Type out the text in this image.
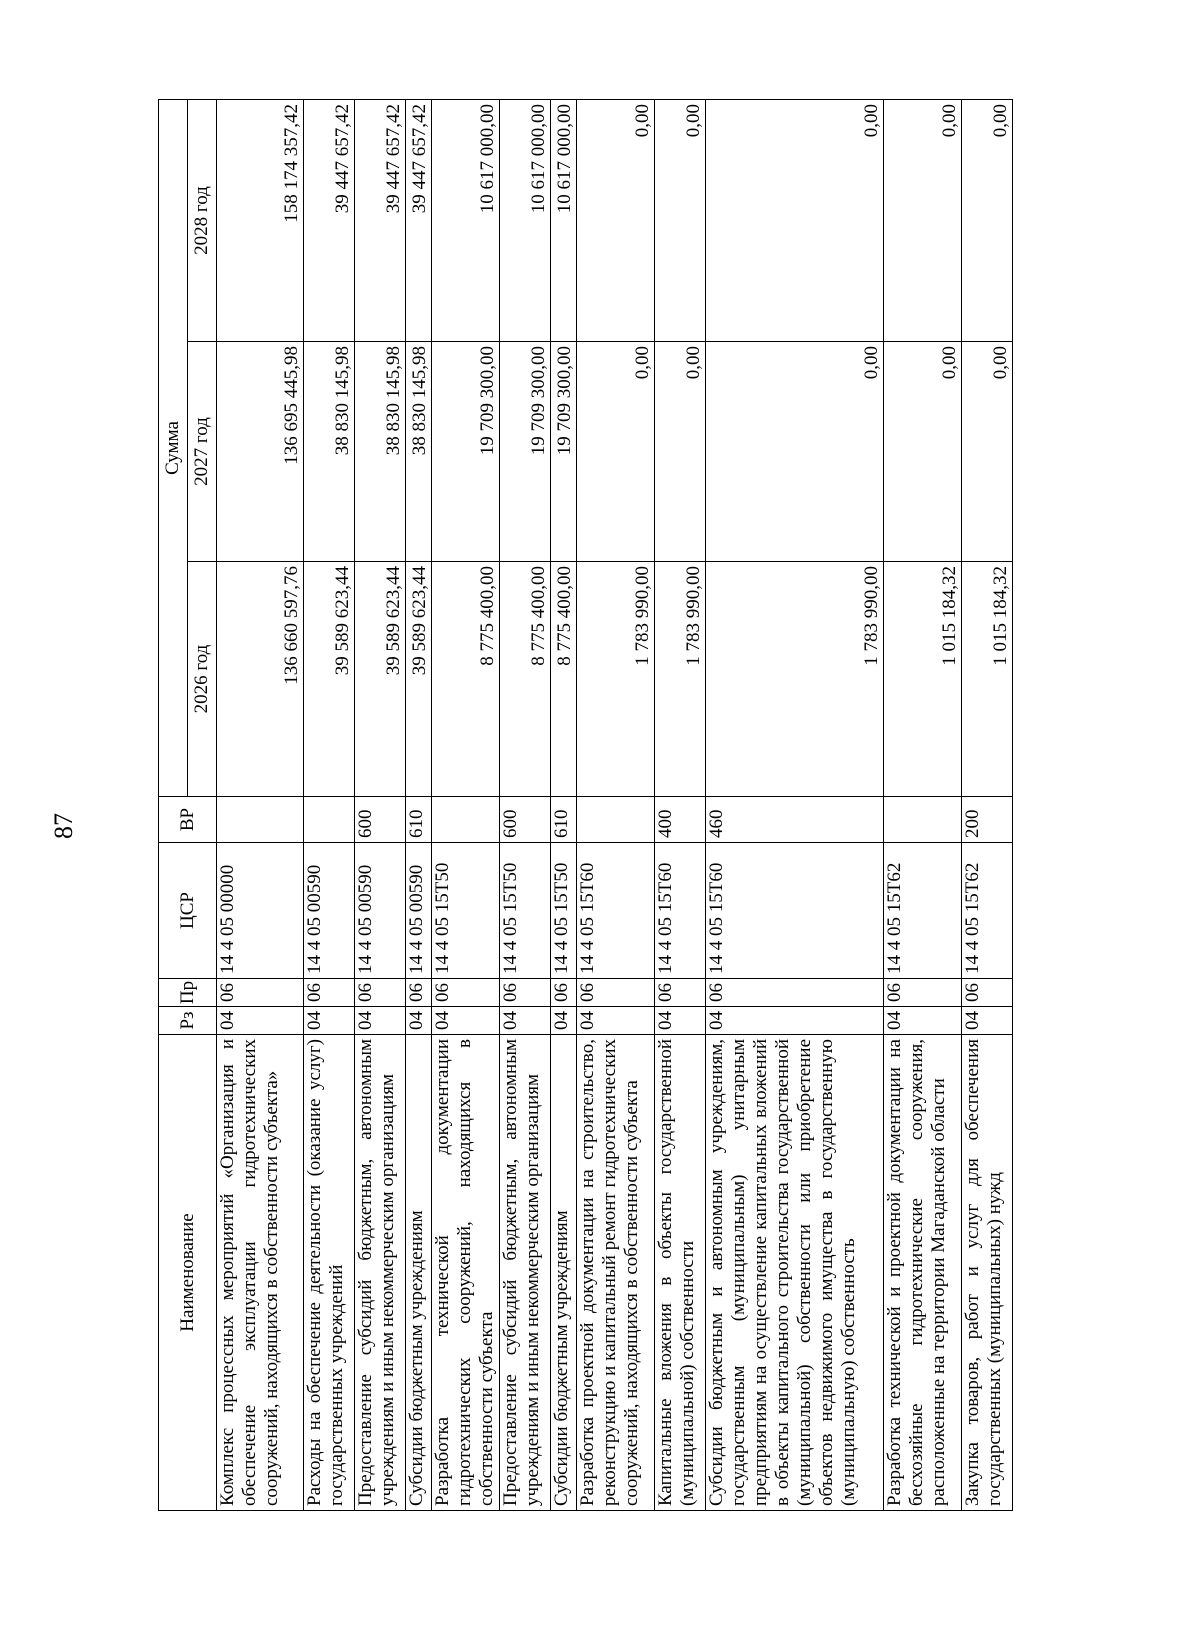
87
Наименование	Рз	Пр	ЦСР	ВР	Сумма		
					2026 год	2027 год	2028 год
Комплекс процессных мероприятий «Организация и обеспечение эксплуатации гидротехнических сооружений, находящихся в собственности субъекта»	04	06	14 4 05 00000		136 660 597,76	136 695 445,98	158 174 357,42
Расходы на обеспечение деятельности (оказание услуг) государственных учреждений	04	06	14 4 05 00590		39 589 623,44	38 830 145,98	39 447 657,42
Предоставление субсидий бюджетным, автономным учреждениям и иным некоммерческим организациям	04	06	14 4 05 00590	600	39 589 623,44	38 830 145,98	39 447 657,42
Субсидии бюджетным учреждениям	04	06	14 4 05 00590	610	39 589 623,44	38 830 145,98	39 447 657,42
Разработка технической документации гидротехнических сооружений, находящихся в собственности субъекта	04	06	14 4 05 15T50		8 775 400,00	19 709 300,00	10 617 000,00
Предоставление субсидий бюджетным, автономным учреждениям и иным некоммерческим организациям	04	06	14 4 05 15T50	600	8 775 400,00	19 709 300,00	10 617 000,00
Субсидии бюджетным учреждениям	04	06	14 4 05 15T50	610	8 775 400,00	19 709 300,00	10 617 000,00
Разработка проектной документации на строительство, реконструкцию и капитальный ремонт гидротехнических сооружений, находящихся в собственности субъекта	04	06	14 4 05 15T60		1 783 990,00	0,00	0,00
Капитальные вложения в объекты государственной (муниципальной) собственности	04	06	14 4 05 15T60	400	1 783 990,00	0,00	0,00
Субсидии бюджетным и автономным учреждениям, государственным (муниципальным) унитарным предприятиям на осуществление капитальных вложений в объекты капитального строительства государственной (муниципальной) собственности или приобретение объектов недвижимого имущества в государственную (муниципальную) собственность	04	06	14 4 05 15T60	460	1 783 990,00	0,00	0,00
Разработка технической и проектной документации на бесхозяйные гидротехнические сооружения, расположенные на территории Магаданской области	04	06	14 4 05 15T62		1 015 184,32	0,00	0,00
Закупка товаров, работ и услуг для обеспечения государственных (муниципальных) нужд	04	06	14 4 05 15T62	200	1 015 184,32	0,00	0,00
